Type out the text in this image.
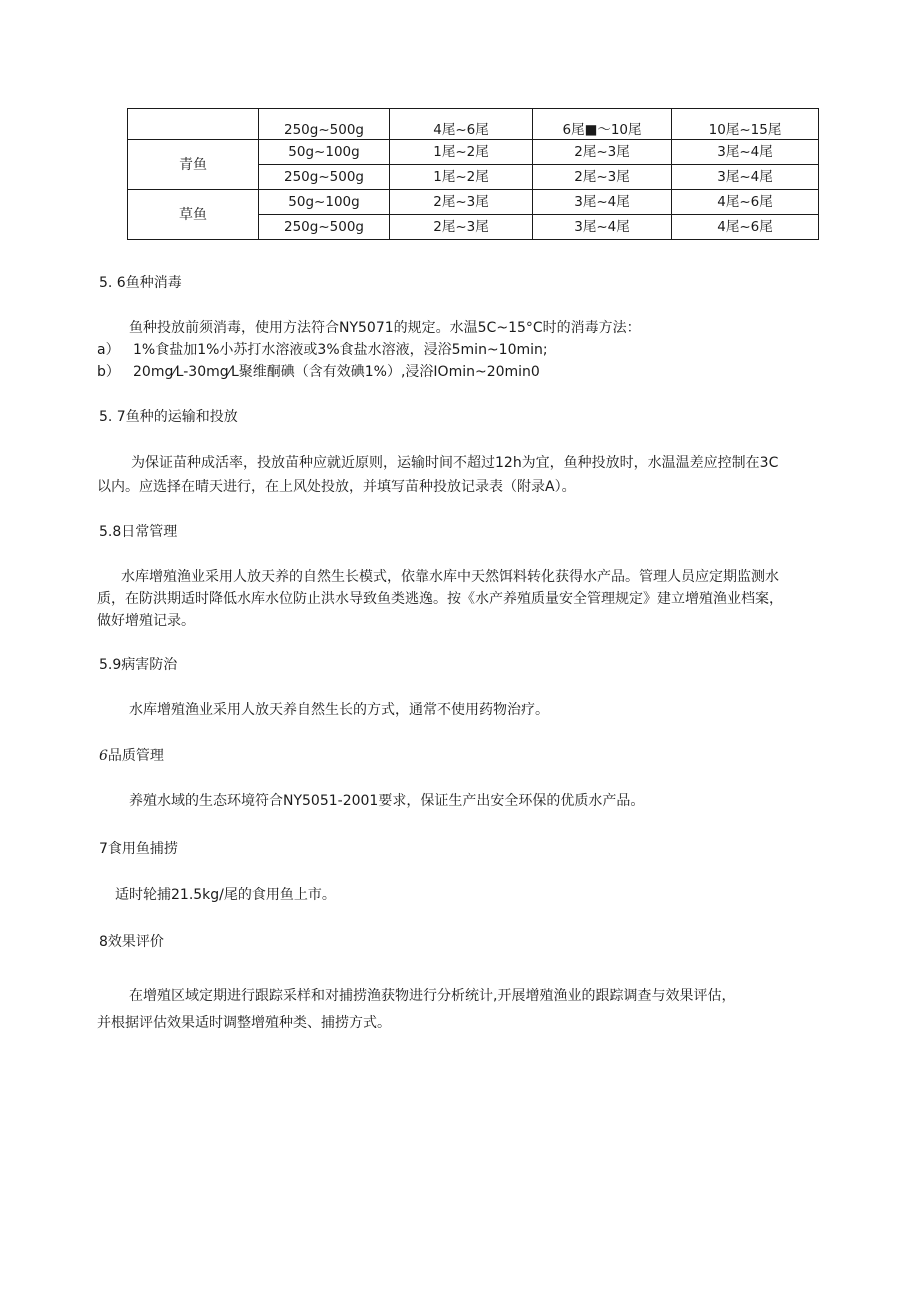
	250g~500g	4尾~6尾	6尾■～10尾	10尾~15尾
青鱼	50g~100g	1尾~2尾	2尾~3尾	3尾~4尾
	250g~500g	1尾~2尾	2尾~3尾	3尾~4尾
草鱼	50g~100g	2尾~3尾	3尾~4尾	4尾~6尾
	250g~500g	2尾~3尾	3尾~4尾	4尾~6尾
5. 6鱼种消毒
鱼种投放前须消毒，使用方法符合NY5071的规定。水温5C~15°C时的消毒方法：
a） 1%食盐加1%小苏打水溶液或3%食盐水溶液，浸浴5min~10min;
b） 20mg⁄L-30mg⁄L聚维酮碘（含有效碘1%）,浸浴IOmin~20min0
5. 7鱼种的运输和投放
为保证苗种成活率，投放苗种应就近原则，运输时间不超过12h为宜，鱼种投放时，水温温差应控制在3C
以内。应选择在晴天进行，在上风处投放，并填写苗种投放记录表（附录A）。
5.8日常管理
水库增殖渔业采用人放天养的自然生长模式，依靠水库中天然饵料转化获得水产品。管理人员应定期监测水
质，在防洪期适时降低水库水位防止洪水导致鱼类逃逸。按《水产养殖质量安全管理规定》建立增殖渔业档案，
做好增殖记录。
5.9病害防治
水库增殖渔业采用人放天养自然生长的方式，通常不使用药物治疗。
6品质管理
养殖水域的生态环境符合NY5051-2001要求，保证生产出安全环保的优质水产品。
7食用鱼捕捞
适时轮捕21.5kg/尾的食用鱼上市。
8效果评价
在增殖区域定期进行跟踪采样和对捕捞渔获物进行分析统计,开展增殖渔业的跟踪调查与效果评估，
并根据评估效果适时调整增殖种类、捕捞方式。
